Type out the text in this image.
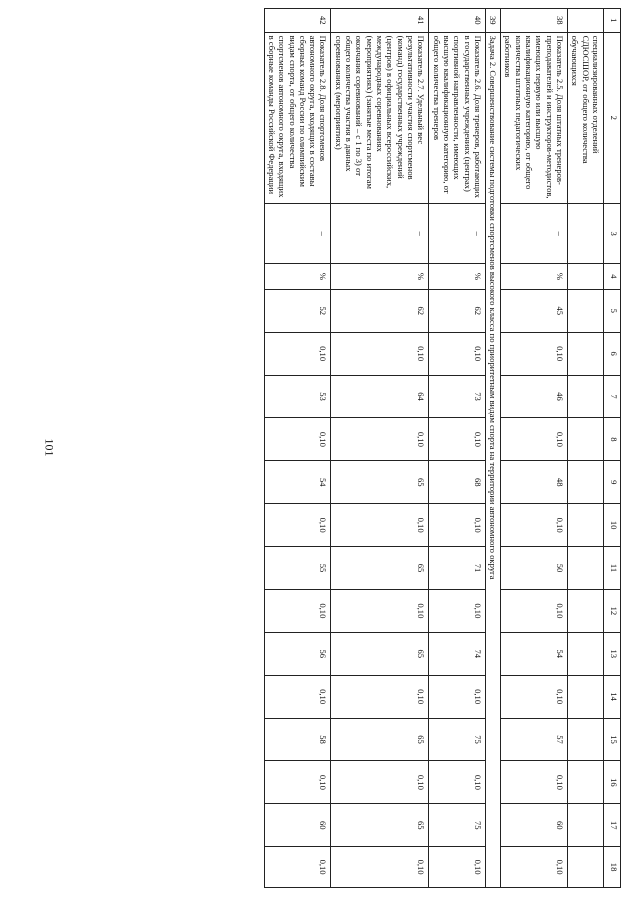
101
1	2	3	4	5	6	7	8	9	10	11	12	13	14	15	16	17	18
	специализированных отделений СДЮСШОР, от общего количества обучающихся																
38	Показатель 2.5. Доля штатных тренеров-преподавателей и инструкторов-методистов, имеющих первую или высшую квалификационную категорию, от общего количества штатных педагогических работников	–	%	45	0,10	46	0,10	48	0,10	50	0,10	54	0,10	57	0,10	60	0,10
39	Задача 2. Совершенствование системы подготовки спортсменов высокого класса по приоритетным видам спорта на территории автономного округа																
40	Показатель 2.6. Доля тренеров, работающих в государственных учреждениях (центрах) спортивной направленности, имеющих высшую квалификационную категорию, от общего количества тренеров	–	%	62	0,10	73	0,10	68	0,10	71	0,10	74	0,10	75	0,10	75	0,10
41	Показатель 2.7. Удельный вес результативности участия спортсменов (команд) государственных учреждений (центров) в официальных всероссийских, международных соревнованиях (мероприятиях) (занятые места по итогам окончания соревнований – с 1 по 3) от общего количества участия в данных соревнованиях (мероприятиях)	–	%	62	0,10	64	0,10	65	0,10	65	0,10	65	0,10	65	0,10	65	0,10
42	Показатель 2.8. Доля спортсменов автономного округа, входящих в составы сборных команд России по олимпийским видам спорта, от общего количества спортсменов автономного округа, входящих в сборные команды Российской Федерации	–	%	52	0,10	53	0,10	54	0,10	55	0,10	56	0,10	58	0,10	60	0,10
